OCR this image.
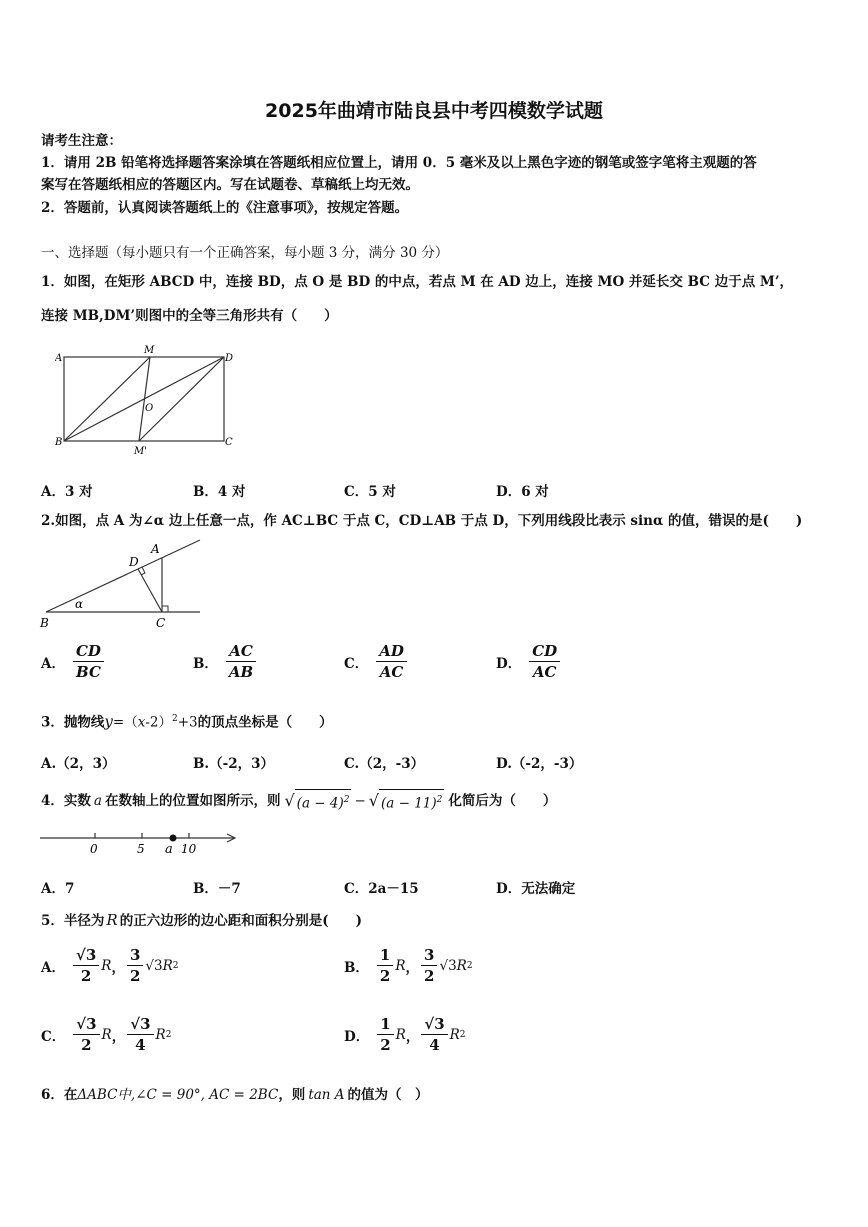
2025年曲靖市陆良县中考四模数学试题
请考生注意：
1．请用 2B 铅笔将选择题答案涂填在答题纸相应位置上，请用 0．5 毫米及以上黑色字迹的钢笔或签字笔将主观题的答
案写在答题纸相应的答题区内。写在试题卷、草稿纸上均无效。
2．答题前，认真阅读答题纸上的《注意事项》，按规定答题。
一、选择题（每小题只有一个正确答案，每小题 3 分，满分 30 分）
1．如图，在矩形 ABCD 中，连接 BD，点 O 是 BD 的中点，若点 M 在 AD 边上，连接 MO 并延长交 BC 边于点 M’，
连接 MB,DM’则图中的全等三角形共有（　　）
A
M
D
O
B
M'
C
A．3 对	B．4 对	C．5 对	D．6 对
2.如图，点 A 为∠α 边上任意一点，作 AC⊥BC 于点 C，CD⊥AB 于点 D，下列用线段比表示 sinα 的值，错误的是(　　)
A
D
α
B	C
A． $\frac{CD}{BC}$	B． $\frac{AC}{AB}$	C． $\frac{AD}{AC}$	D． $\frac{CD}{AC}$
3．抛物线$y=(x-2)^2+3$的顶点坐标是（　　）
A.（2，3）	B.（-2，3）	C.（2，-3）	D.（-2，-3）
4．实数 a 在数轴上的位置如图所示，则 √ $(a - 4)^2$ − √ $(a - 11)^2$ 化简后为（　　）
0	5 a 10
A．7	B．－7	C．2a－15	D．无法确定
5．半径为 R 的正六边形的边心距和面积分别是(　　)
A． $\frac{√3}{2}$ R ， $\frac{3}{2} √3$ R 2	B． $\frac{1}{2}$ R ， $\frac{3}{2} √3$ R 2
C． $\frac{√3}{2}$ R ， $\frac{√3}{4}$ R 2	D． $\frac{1}{2}$ R ， $\frac{√3}{4}$ R 2
6．在ΔABC中,∠C = 90°, AC = 2BC，则 tan A 的值为（　）
